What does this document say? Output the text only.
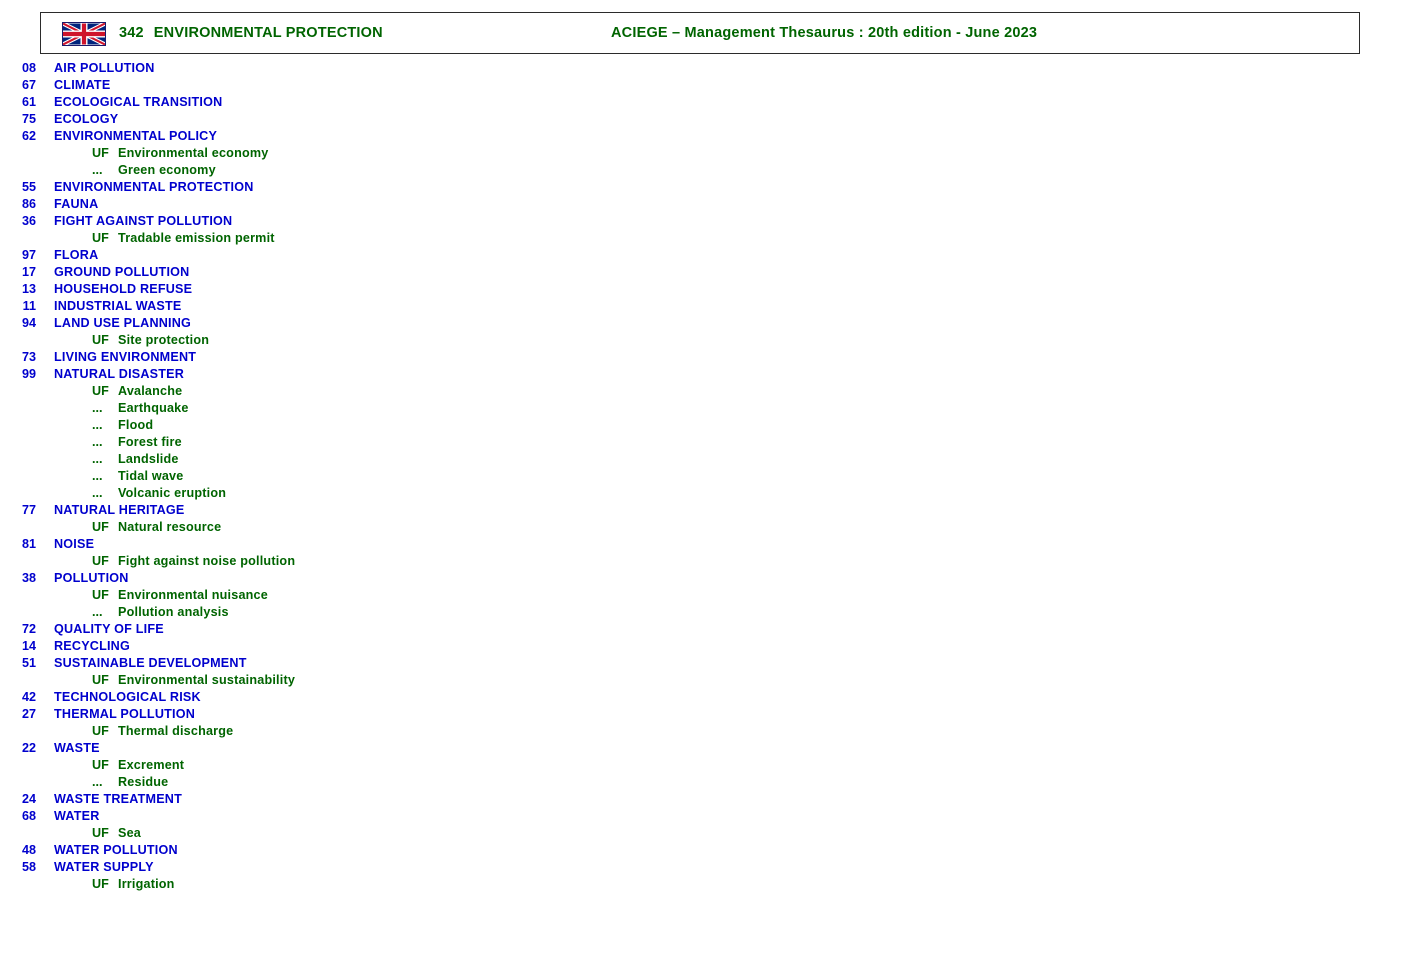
342 ENVIRONMENTAL PROTECTION	ACIEGE – Management Thesaurus : 20th edition - June 2023
08 AIR POLLUTION
67 CLIMATE
61 ECOLOGICAL TRANSITION
75 ECOLOGY
62 ENVIRONMENTAL POLICY
UF Environmental economy
... Green economy
55 ENVIRONMENTAL PROTECTION
86 FAUNA
36 FIGHT AGAINST POLLUTION
UF Tradable emission permit
97 FLORA
17 GROUND POLLUTION
13 HOUSEHOLD REFUSE
11 INDUSTRIAL WASTE
94 LAND USE PLANNING
UF Site protection
73 LIVING ENVIRONMENT
99 NATURAL DISASTER
UF Avalanche
... Earthquake
... Flood
... Forest fire
... Landslide
... Tidal wave
... Volcanic eruption
77 NATURAL HERITAGE
UF Natural resource
81 NOISE
UF Fight against noise pollution
38 POLLUTION
UF Environmental nuisance
... Pollution analysis
72 QUALITY OF LIFE
14 RECYCLING
51 SUSTAINABLE DEVELOPMENT
UF Environmental sustainability
42 TECHNOLOGICAL RISK
27 THERMAL POLLUTION
UF Thermal discharge
22 WASTE
UF Excrement
... Residue
24 WASTE TREATMENT
68 WATER
UF Sea
48 WATER POLLUTION
58 WATER SUPPLY
UF Irrigation
